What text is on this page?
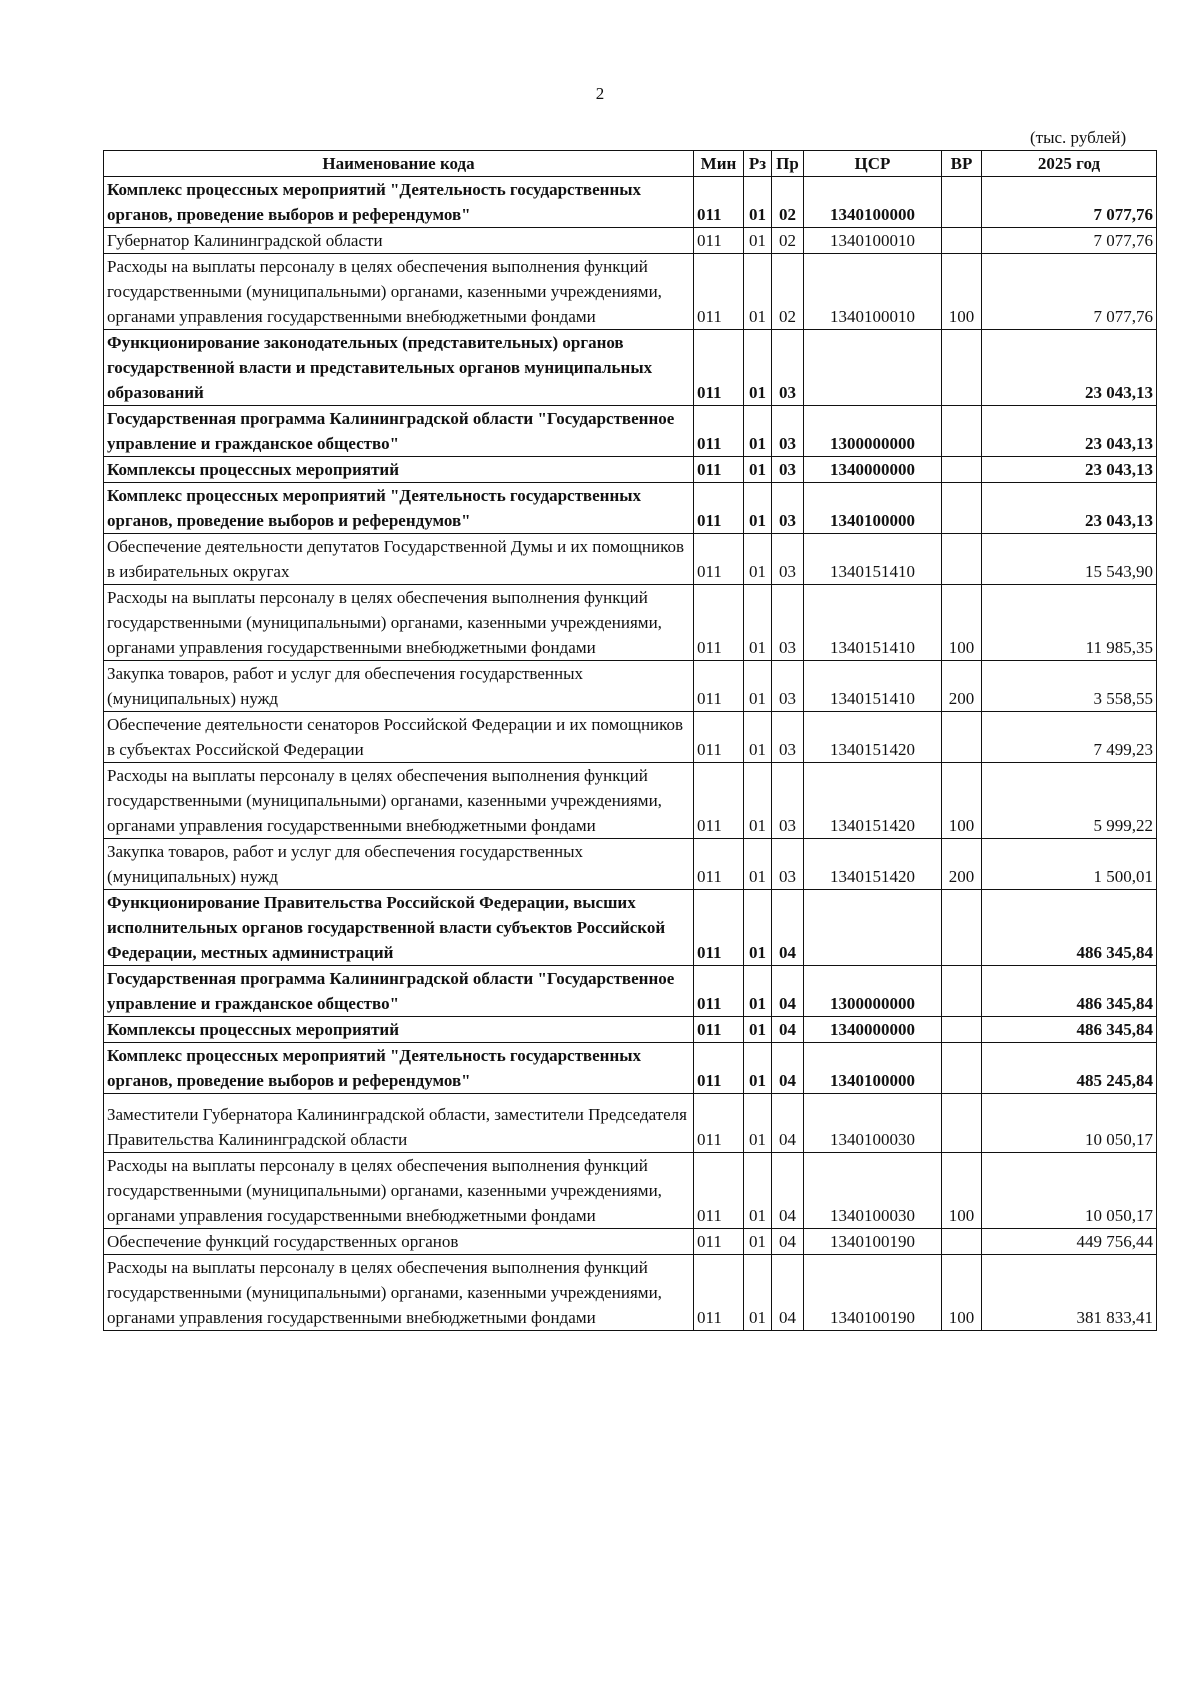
2
(тыс. рублей)
Наименование кода	Мин	Рз	Пр	ЦСР	ВР	2025 год
Комплекс процессных мероприятий "Деятельность государственных органов, проведение выборов и референдумов"	011	01	02	1340100000		7 077,76
Губернатор Калининградской области	011	01	02	1340100010		7 077,76
Расходы на выплаты персоналу в целях обеспечения выполнения функций государственными (муниципальными) органами, казенными учреждениями, органами управления государственными внебюджетными фондами	011	01	02	1340100010	100	7 077,76
Функционирование законодательных (представительных) органов государственной власти и представительных органов муниципальных образований	011	01	03			23 043,13
Государственная программа Калининградской области "Государственное управление и гражданское общество"	011	01	03	1300000000		23 043,13
Комплексы процессных мероприятий	011	01	03	1340000000		23 043,13
Комплекс процессных мероприятий "Деятельность государственных органов, проведение выборов и референдумов"	011	01	03	1340100000		23 043,13
Обеспечение деятельности депутатов Государственной Думы и их помощников в избирательных округах	011	01	03	1340151410		15 543,90
Расходы на выплаты персоналу в целях обеспечения выполнения функций государственными (муниципальными) органами, казенными учреждениями, органами управления государственными внебюджетными фондами	011	01	03	1340151410	100	11 985,35
Закупка товаров, работ и услуг для обеспечения государственных (муниципальных) нужд	011	01	03	1340151410	200	3 558,55
Обеспечение деятельности сенаторов Российской Федерации и их помощников в субъектах Российской Федерации	011	01	03	1340151420		7 499,23
Расходы на выплаты персоналу в целях обеспечения выполнения функций государственными (муниципальными) органами, казенными учреждениями, органами управления государственными внебюджетными фондами	011	01	03	1340151420	100	5 999,22
Закупка товаров, работ и услуг для обеспечения государственных (муниципальных) нужд	011	01	03	1340151420	200	1 500,01
Функционирование Правительства Российской Федерации, высших исполнительных органов государственной власти субъектов Российской Федерации, местных администраций	011	01	04			486 345,84
Государственная программа Калининградской области "Государственное управление и гражданское общество"	011	01	04	1300000000		486 345,84
Комплексы процессных мероприятий	011	01	04	1340000000		486 345,84
Комплекс процессных мероприятий "Деятельность государственных органов, проведение выборов и референдумов"	011	01	04	1340100000		485 245,84
Заместители Губернатора Калининградской области, заместители Председателя Правительства Калининградской области	011	01	04	1340100030		10 050,17
Расходы на выплаты персоналу в целях обеспечения выполнения функций государственными (муниципальными) органами, казенными учреждениями, органами управления государственными внебюджетными фондами	011	01	04	1340100030	100	10 050,17
Обеспечение функций государственных органов	011	01	04	1340100190		449 756,44
Расходы на выплаты персоналу в целях обеспечения выполнения функций государственными (муниципальными) органами, казенными учреждениями, органами управления государственными внебюджетными фондами	011	01	04	1340100190	100	381 833,41
